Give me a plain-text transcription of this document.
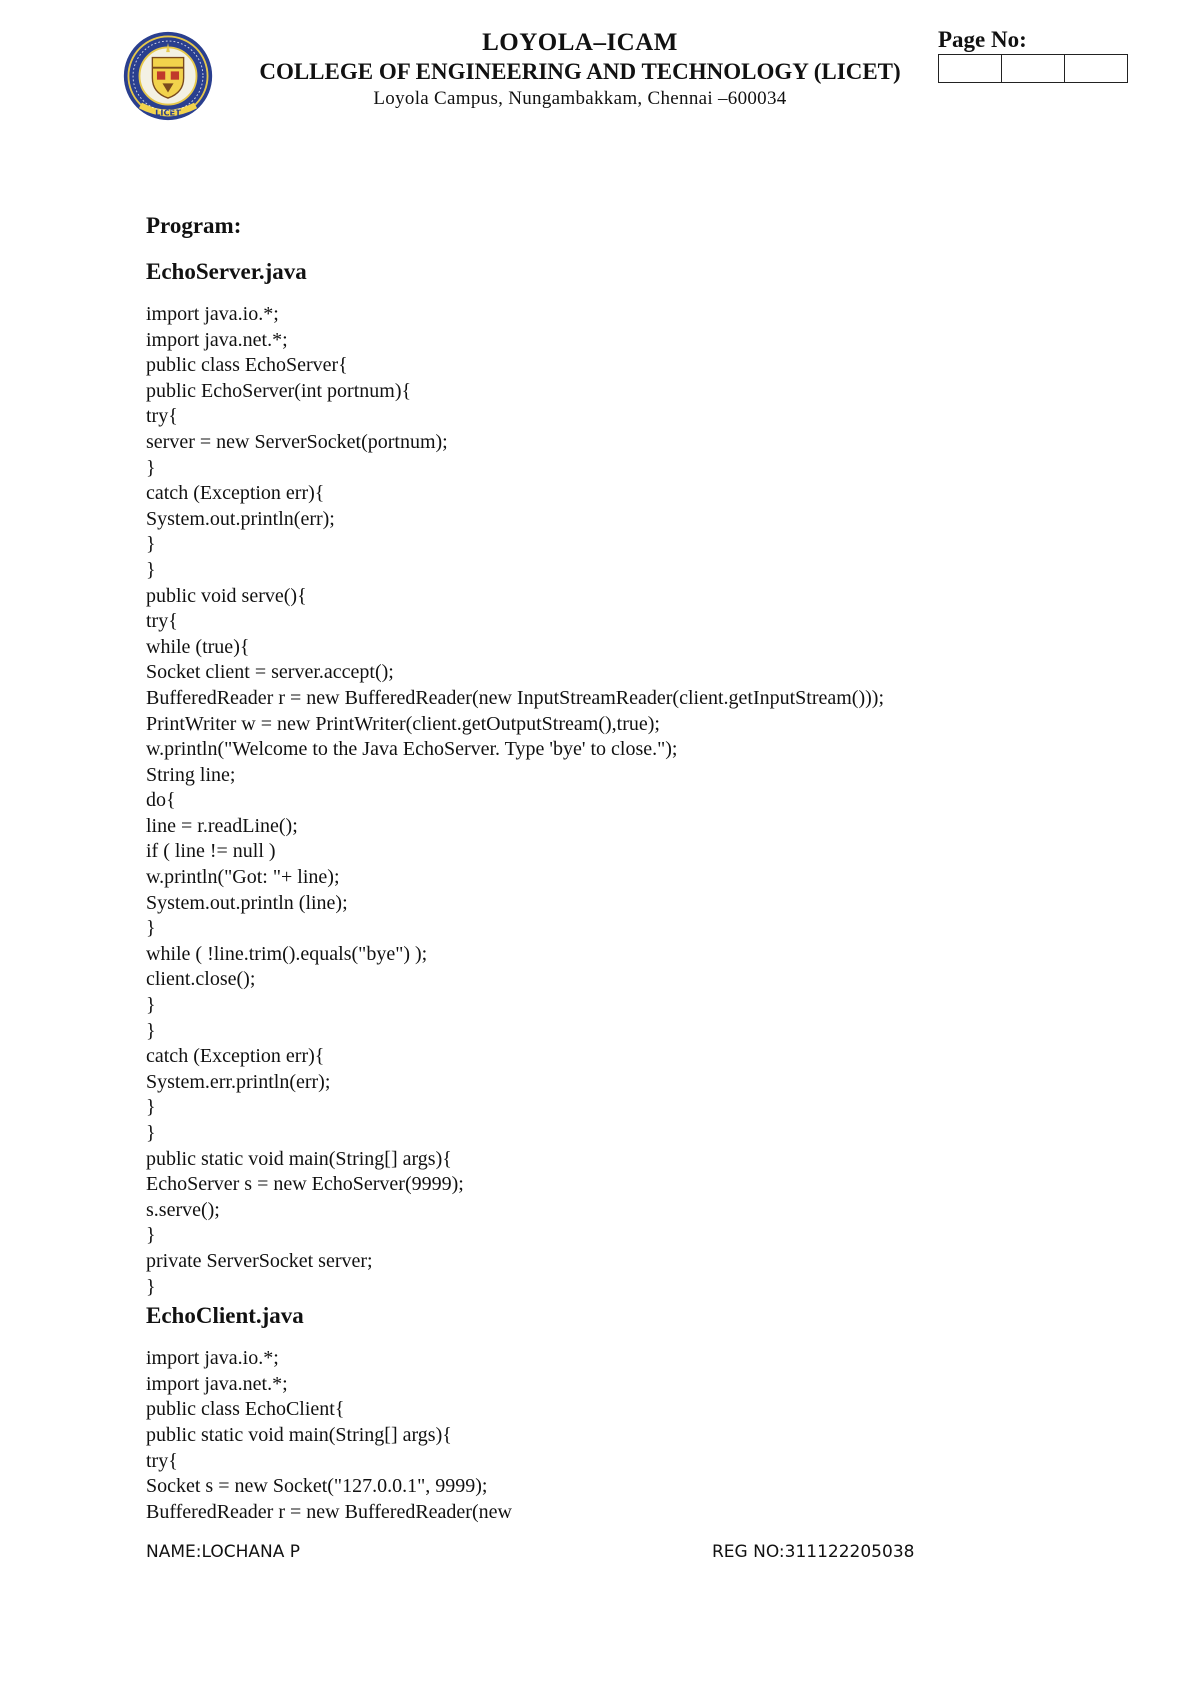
LICET
LOYOLA–ICAM
COLLEGE OF ENGINEERING AND TECHNOLOGY (LICET)
Loyola Campus, Nungambakkam, Chennai –600034
Page No:
Program:
EchoServer.java
import java.io.*;
import java.net.*;
public class EchoServer{
public EchoServer(int portnum){
try{
server = new ServerSocket(portnum);
}
catch (Exception err){
System.out.println(err);
}
}
public void serve(){
try{
while (true){
Socket client = server.accept();
BufferedReader r = new BufferedReader(new InputStreamReader(client.getInputStream()));
PrintWriter w = new PrintWriter(client.getOutputStream(),true);
w.println("Welcome to the Java EchoServer. Type 'bye' to close.");
String line;
do{
line = r.readLine();
if ( line != null )
w.println("Got: "+ line);
System.out.println (line);
}
while ( !line.trim().equals("bye") );
client.close();
}
}
catch (Exception err){
System.err.println(err);
}
}
public static void main(String[] args){
EchoServer s = new EchoServer(9999);
s.serve();
}
private ServerSocket server;
}
EchoClient.java
import java.io.*;
import java.net.*;
public class EchoClient{
public static void main(String[] args){
try{
Socket s = new Socket("127.0.0.1", 9999);
BufferedReader r = new BufferedReader(new
NAME:LOCHANA P	REG NO:311122205038
